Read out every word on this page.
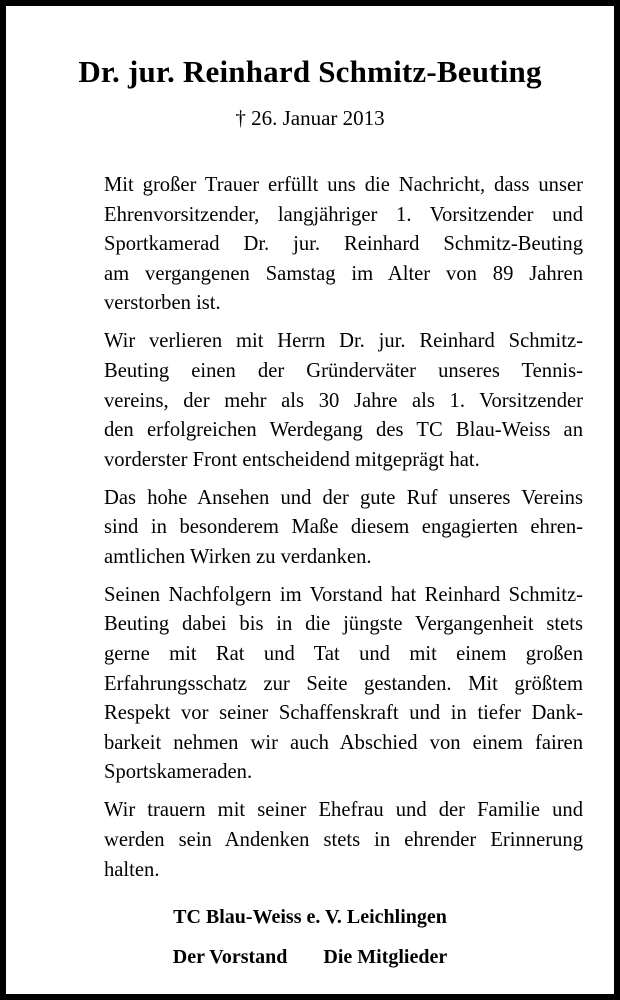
Dr. jur. Reinhard Schmitz-Beuting
† 26. Januar 2013
Mit großer Trauer erfüllt uns die Nachricht, dass unser
Ehrenvorsitzender, langjähriger 1. Vorsitzender und
Sportkamerad Dr. jur. Reinhard Schmitz-Beuting
am vergangenen Samstag im Alter von 89 Jahren
verstorben ist.
Wir verlieren mit Herrn Dr. jur. Reinhard Schmitz-
Beuting einen der Gründerväter unseres Tennis-
vereins, der mehr als 30 Jahre als 1. Vorsitzender
den erfolgreichen Werdegang des TC Blau-Weiss an
vorderster Front entscheidend mitgeprägt hat.
Das hohe Ansehen und der gute Ruf unseres Vereins
sind in besonderem Maße diesem engagierten ehren-
amtlichen Wirken zu verdanken.
Seinen Nachfolgern im Vorstand hat Reinhard Schmitz-
Beuting dabei bis in die jüngste Vergangenheit stets
gerne mit Rat und Tat und mit einem großen
Erfahrungsschatz zur Seite gestanden. Mit größtem
Respekt vor seiner Schaffenskraft und in tiefer Dank-
barkeit nehmen wir auch Abschied von einem fairen
Sportskameraden.
Wir trauern mit seiner Ehefrau und der Familie und
werden sein Andenken stets in ehrender Erinnerung
halten.
TC Blau-Weiss e. V. Leichlingen
Der Vorstand Die Mitglieder
